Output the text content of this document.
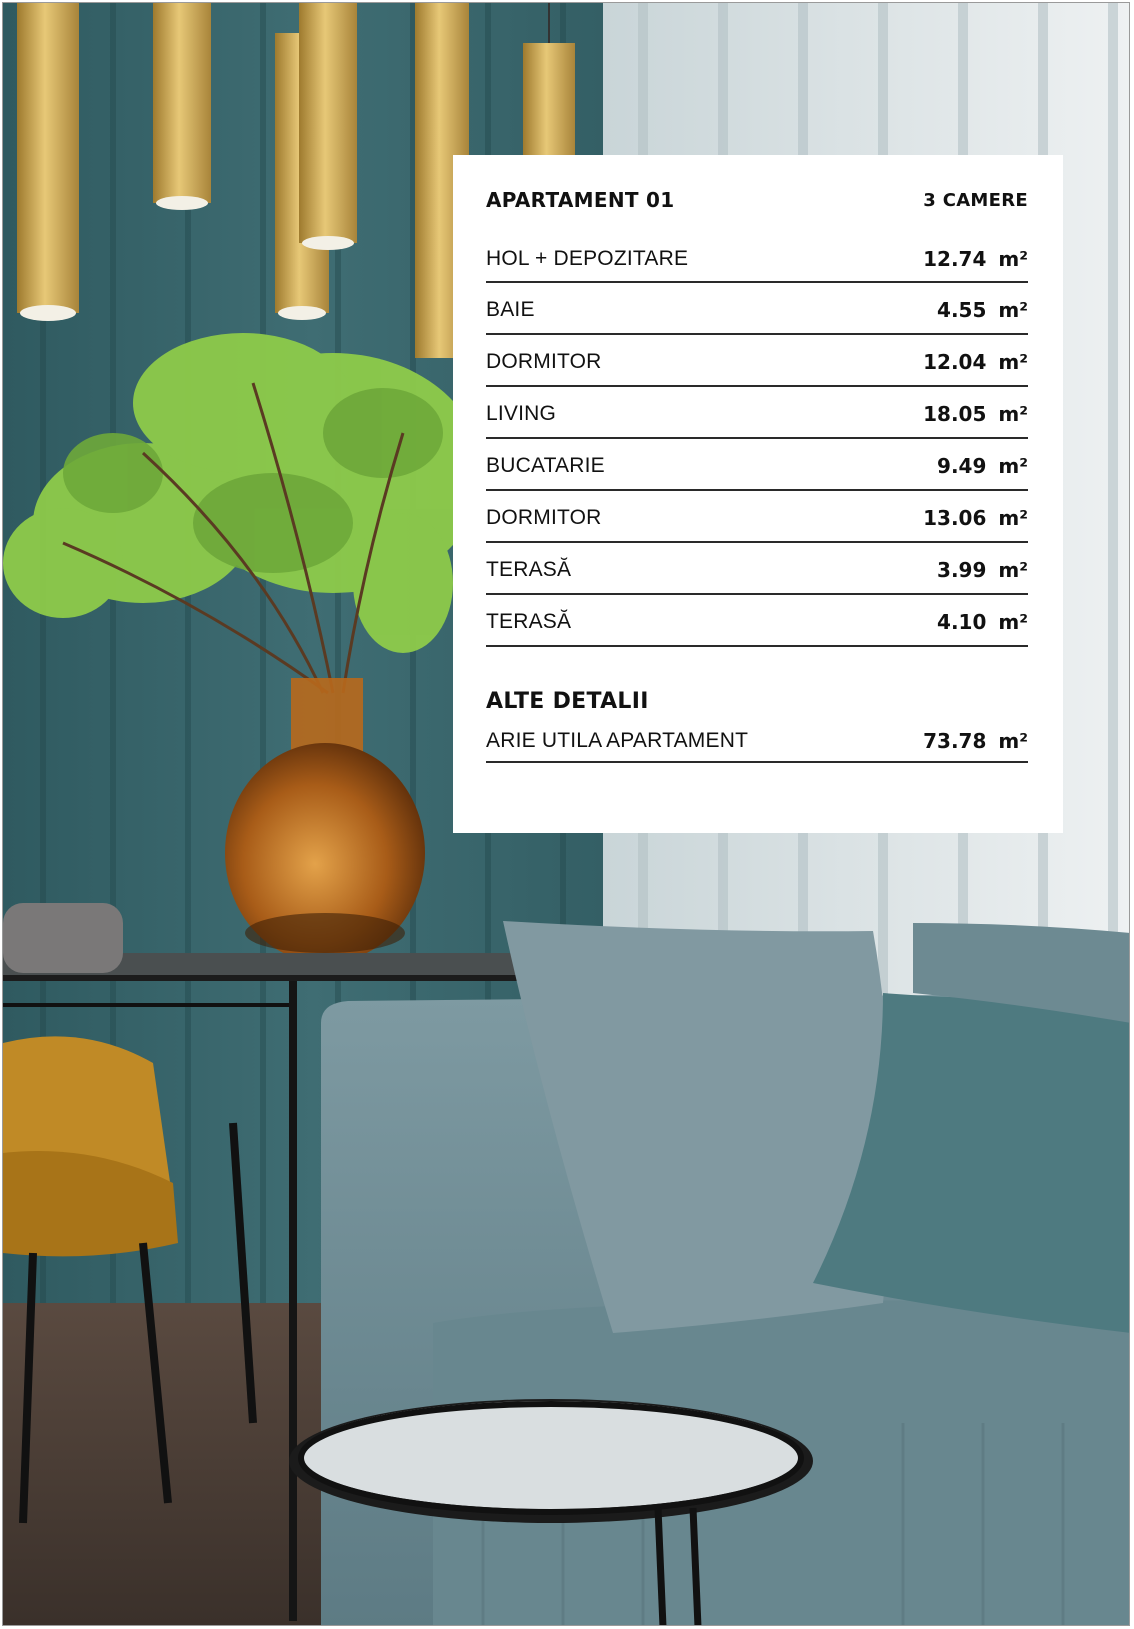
APARTAMENT 01	3 CAMERE
HOL + DEPOZITARE	12.74 m²
BAIE	4.55 m²
DORMITOR	12.04 m²
LIVING	18.05 m²
BUCATARIE	9.49 m²
DORMITOR	13.06 m²
TERASĂ	3.99 m²
TERASĂ	4.10 m²
ALTE DETALII
ARIE UTILA APARTAMENT	73.78 m²
